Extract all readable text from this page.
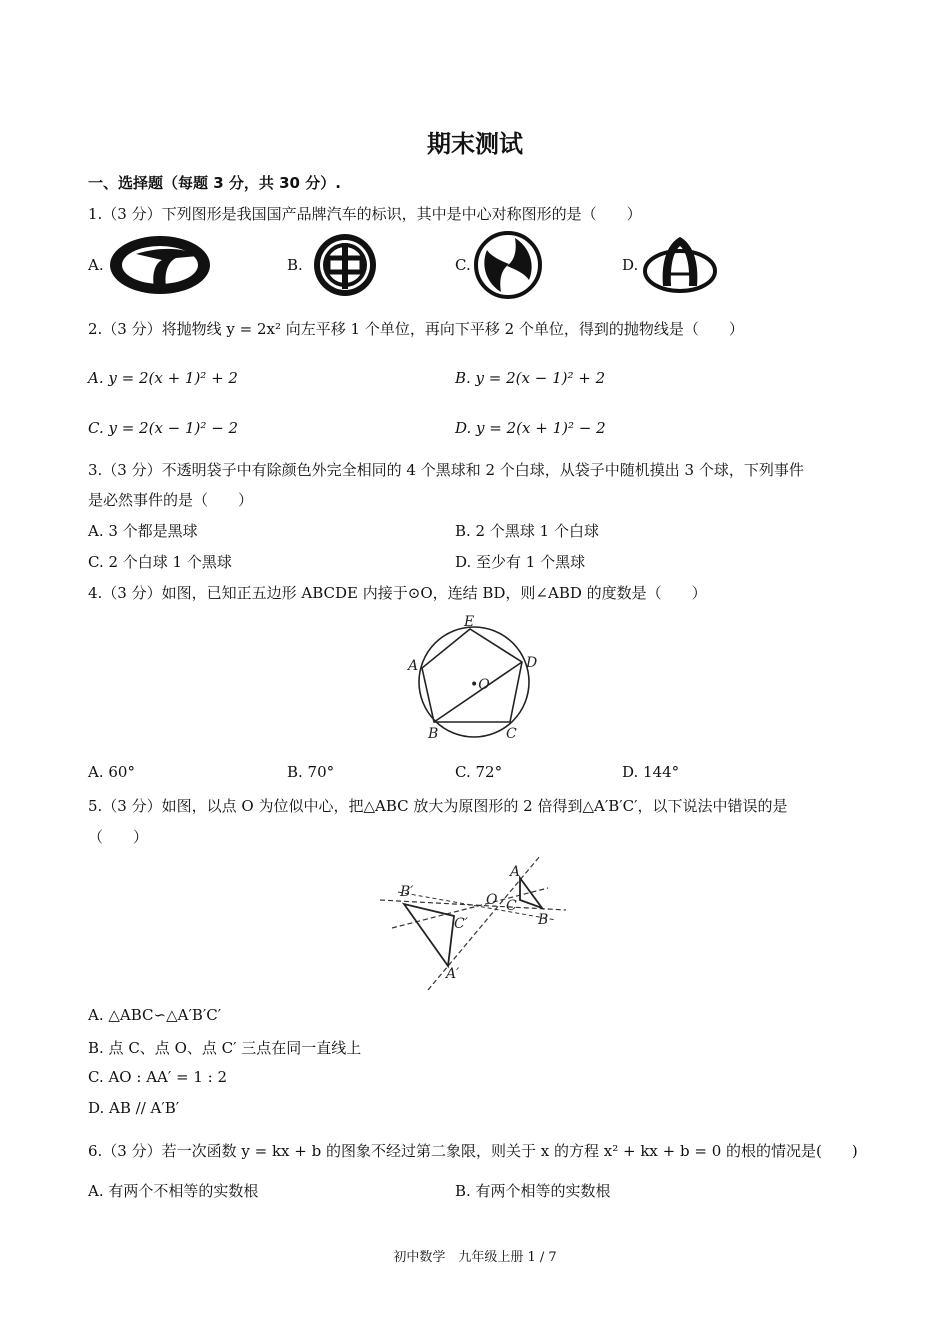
期末测试
一、选择题（每题 3 分，共 30 分）.
1.（3 分）下列图形是我国国产品牌汽车的标识，其中是中心对称图形的是（　　）
A.	B.	C.	D.
2.（3 分）将抛物线 y = 2x² 向左平移 1 个单位，再向下平移 2 个单位，得到的抛物线是（　　）
A. y = 2(x + 1)² + 2	B. y = 2(x − 1)² + 2
C. y = 2(x − 1)² − 2	D. y = 2(x + 1)² − 2
3.（3 分）不透明袋子中有除颜色外完全相同的 4 个黑球和 2 个白球，从袋子中随机摸出 3 个球，下列事件
是必然事件的是（　　）
A. 3 个都是黑球	B. 2 个黑球 1 个白球
C. 2 个白球 1 个黑球	D. 至少有 1 个黑球
4.（3 分）如图，已知正五边形 ABCDE 内接于⊙O，连结 BD，则∠ABD 的度数是（　　）
E
A	D
•O
B	C
A. 60°	B. 70°	C. 72°	D. 144°
5.（3 分）如图，以点 O 为位似中心，把△ABC 放大为原图形的 2 倍得到△A′B′C′，以下说法中错误的是
（　　）
B′
C′
A′
O C
A
B
A. △ABC∽△A′B′C′
B. 点 C、点 O、点 C′ 三点在同一直线上
C. AO : AA′ = 1 : 2
D. AB // A′B′
6.（3 分）若一次函数 y = kx + b 的图象不经过第二象限，则关于 x 的方程 x² + kx + b = 0 的根的情况是(　　)
A. 有两个不相等的实数根	B. 有两个相等的实数根
初中数学　九年级上册 1 / 7
